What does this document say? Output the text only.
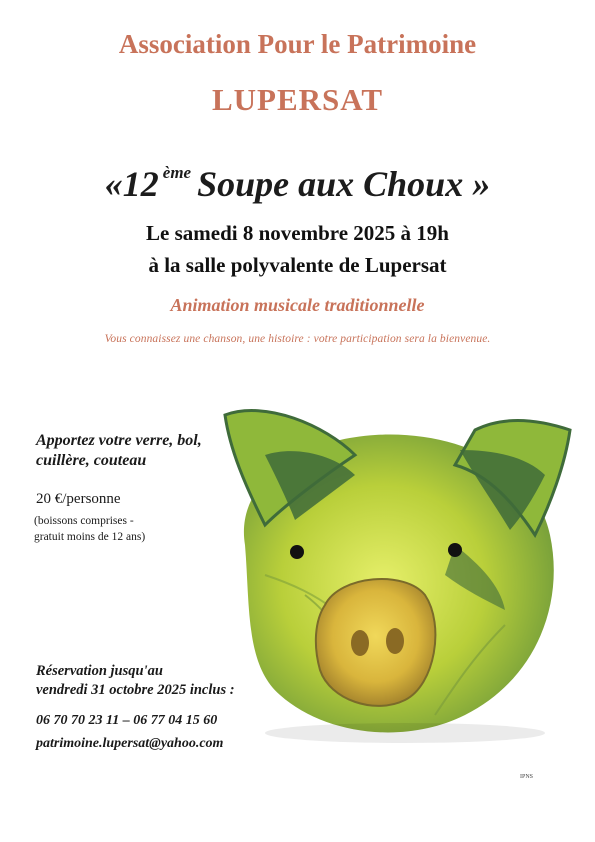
Association Pour le Patrimoine
LUPERSAT
«12 $^{ème}$ Soupe aux Choux »
Le samedi 8 novembre 2025 à 19h
à la salle polyvalente de Lupersat
Animation musicale traditionnelle
Vous connaissez une chanson, une histoire : votre participation sera la bienvenue.
Apportez votre verre, bol,
cuillère, couteau
20 €/personne
(boissons comprises -
gratuit moins de 12 ans)
Réservation jusqu'au
vendredi 31 octobre 2025 inclus :
06 70 70 23 11 – 06 77 04 15 60
patrimoine.lupersat@yahoo.com
IPNS
